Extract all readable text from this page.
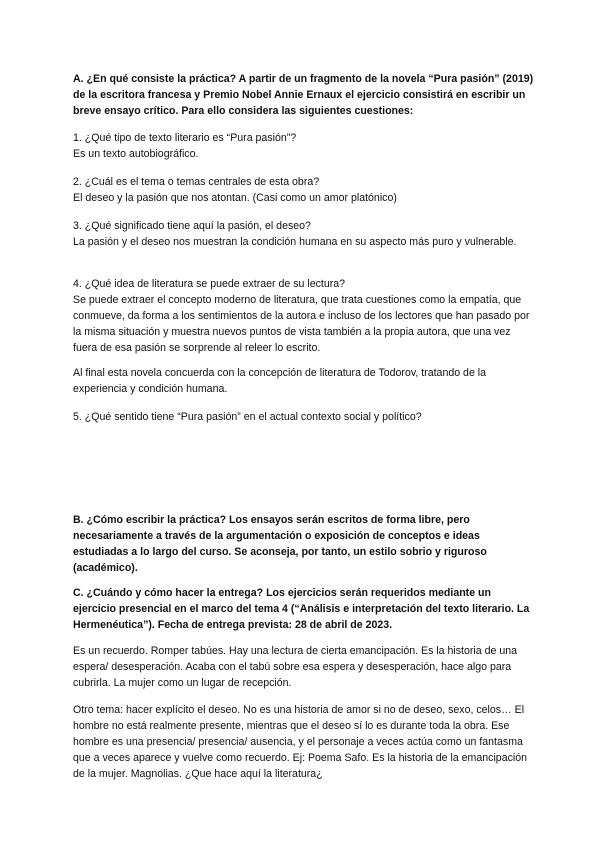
A. ¿En qué consiste la práctica? A partir de un fragmento de la novela “Pura pasión” (2019) de la escritora francesa y Premio Nobel Annie Ernaux el ejercicio consistirá en escribir un breve ensayo crítico. Para ello considera las siguientes cuestiones:

1. ¿Qué tipo de texto literario es “Pura pasión”?

Es un texto autobiográfico.

2. ¿Cuál es el tema o temas centrales de esta obra?

El deseo y la pasión que nos atontan. (Casi como un amor platónico)

3. ¿Qué significado tiene aquí la pasión, el deseo?

La pasión y el deseo nos muestran la condición humana en su aspecto más puro y vulnerable.

4. ¿Qué idea de literatura se puede extraer de su lectura?

Se puede extraer el concepto moderno de literatura, que trata cuestiones como la empatía, que conmueve, da forma a los sentimientos de la autora e incluso de los lectores que han pasado por la misma situación y muestra nuevos puntos de vista también a la propia autora, que una vez fuera de esa pasión se sorprende al releer lo escrito.

Al final esta novela concuerda con la concepción de literatura de Todorov, tratando de la experiencia y condición humana.

5. ¿Qué sentido tiene “Pura pasión” en el actual contexto social y político?

B. ¿Cómo escribir la práctica? Los ensayos serán escritos de forma libre, pero necesariamente a través de la argumentación o exposición de conceptos e ideas estudiadas a lo largo del curso. Se aconseja, por tanto, un estilo sobrio y riguroso (académico).

C. ¿Cuándo y cómo hacer la entrega? Los ejercicios serán requeridos mediante un ejercicio presencial en el marco del tema 4 (“Análisis e interpretación del texto literario. La Hermenéutica”). Fecha de entrega prevista: 28 de abril de 2023.

Es un recuerdo. Romper tabúes. Hay una lectura de cierta emancipación. Es la historia de una espera/ desesperación. Acaba con el tabú sobre esa espera y desesperación, hace algo para cubrirla. La mujer como un lugar de recepción.

Otro tema: hacer explícito el deseo. No es una historia de amor si no de deseo, sexo, celos… El hombre no está realmente presente, mientras que el deseo sí lo es durante toda la obra. Ese hombre es una presencia/ presencia/ ausencia, y el personaje a veces actúa como un fantasma que a veces aparece y vuelve como recuerdo. Ej: Poema Safo. Es la historia de la emancipación de la mujer. Magnolias. ¿Que hace aquí la literatura¿
